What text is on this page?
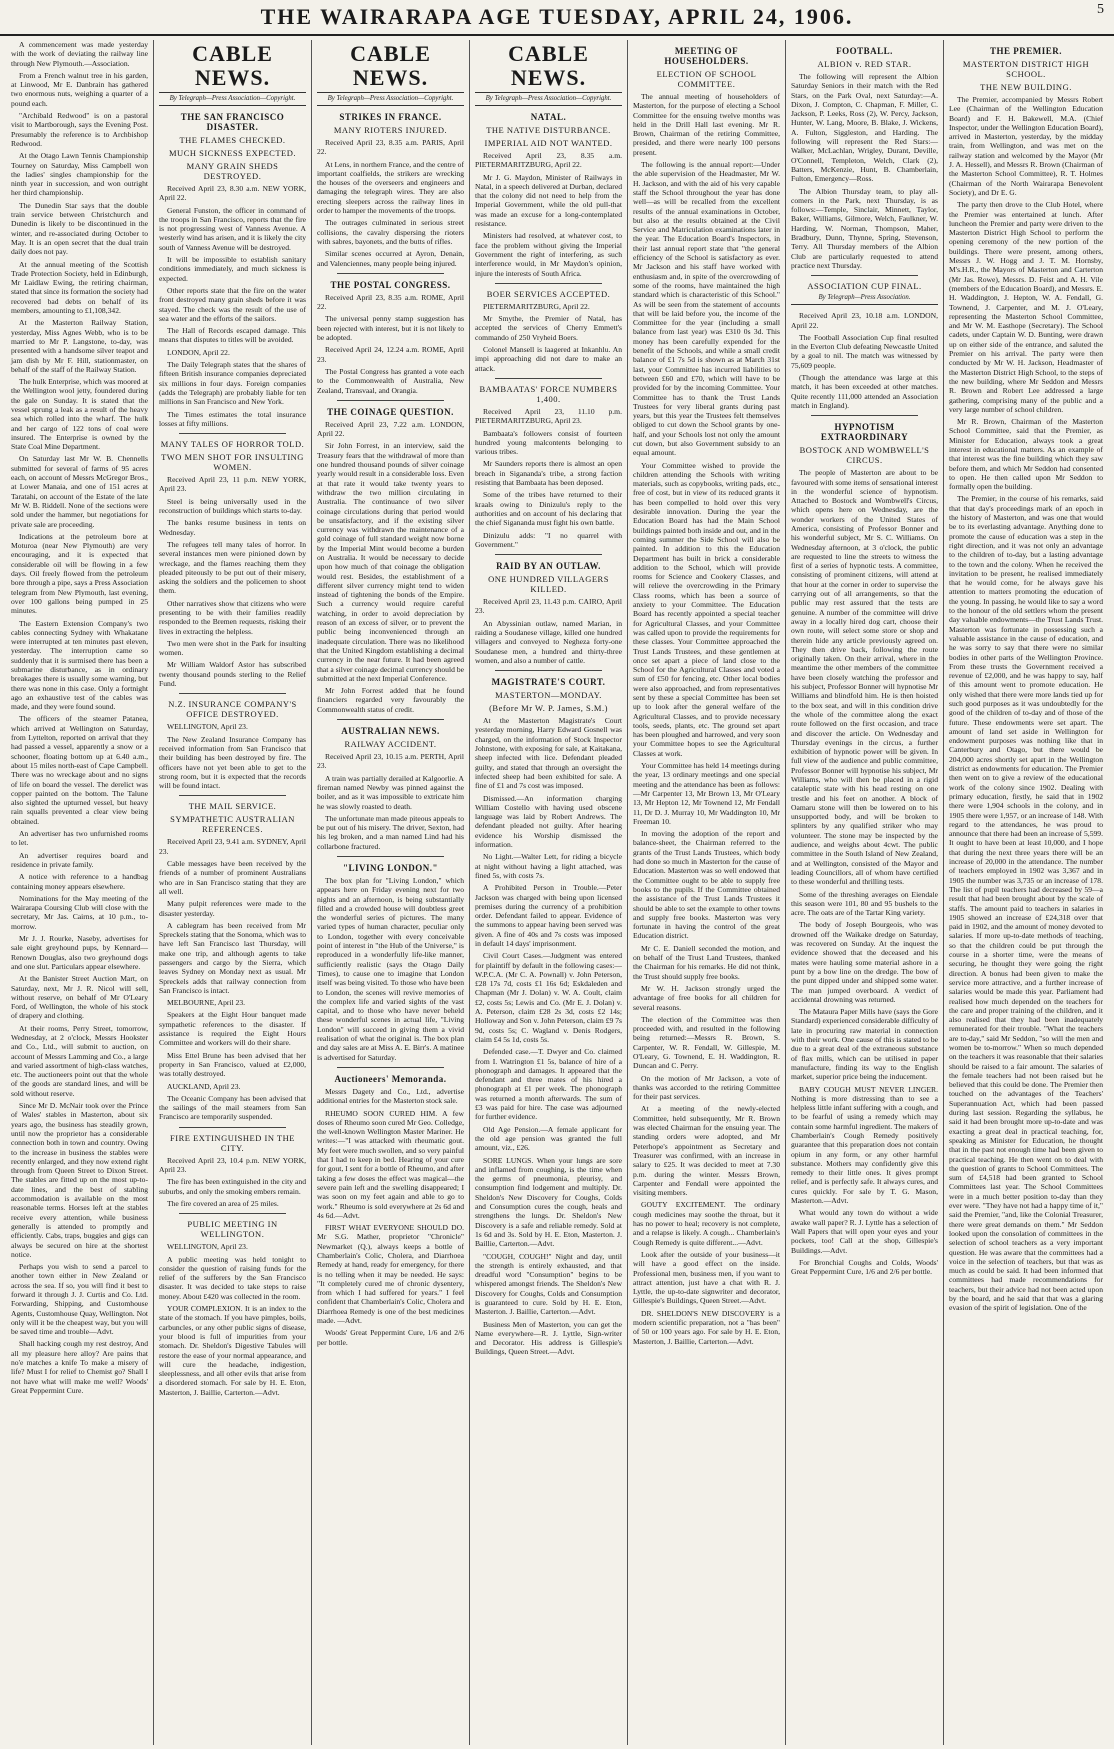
THE WAIRARAPA AGE TUESDAY, APRIL 24, 1906.	5

A commencement was made yesterday with the work of deviating the railway line through New Plymouth.—Association.

From a French walnut tree in his garden, at Linwood, Mr E. Danbrain has gathered two enormous nuts, weighing a quarter of a pound each.

"Archibald Redwood" is on a pastoral visit to Martborough, says the Evening Post. Presumably the reference is to Archbishop Redwood.

At the Otago Lawn Tennis Championship Tourney on Saturday, Miss Campbell won the ladies' singles championship for the ninth year in succession, and won outright her third championship.

The Dunedin Star says that the double train service between Christchurch and Dunedin is likely to be discontinued in the winter, and re-associated during October to May. It is an open secret that the dual train daily does not pay.

At the annual meeting of the Scottish Trade Protection Society, held in Edinburgh, Mr Laidlaw Ewing, the retiring chairman, stated that since its formation the society had recovered bad debts on behalf of its members, amounting to £1,108,342.

At the Masterton Railway Station, yesterday, Miss Agnes Webb, who is to be married to Mr P. Langstone, to-day, was presented with a handsome silver teapot and jam dish by Mr F. Hill, stationmaster, on behalf of the staff of the Railway Station.

The hulk Enterprise, which was moored at the Wellington wool jetty, foundered during the gale on Sunday. It is stated that the vessel sprung a leak as a result of the heavy sea which rolled into the wharf. The hulk and her cargo of 122 tons of coal were insured. The Enterprise is owned by the State Coal Mine Department.

On Saturday last Mr W. B. Chennells submitted for several of farms of 95 acres each, on account of Messrs McGregor Bros., at Lower Manaia, and one of 151 acres at Taratahi, on account of the Estate of the late Mr W. B. Riddell. None of the sections were sold under the hammer, but negotiations for private sale are proceeding.

Indications at the petroleum bore at Moturoa (near New Plymouth) are very encouraging, and it is expected that considerable oil will be flowing in a few days. Oil freely flowed from the petroleum bore through a pipe, says a Press Association telegram from New Plymouth, last evening, over 100 gallons being pumped in 25 minutes.

The Eastern Extension Company's two cables connecting Sydney with Whakatane were interrupted at ten minutes past eleven, yesterday. The interruption came so suddenly that it is surmised there has been a submarine disturbance, as in ordinary breakages there is usually some warning, but there was none in this case. Only a fortnight ago an exhaustive test of the cables was made, and they were found sound.

The officers of the steamer Patanea, which arrived at Wellington on Saturday, from Lyttelton, reported on arrival that they had passed a vessel, apparently a snow or a schooner, floating bottom up at 6.40 a.m., about 15 miles north-east of Cape Campbell. There was no wreckage about and no signs of life on board the vessel. The derelict was copper painted on the bottom. The Talune also sighted the upturned vessel, but heavy rain squalls prevented a clear view being obtained.

An advertiser has two unfurnished rooms to let.

An advertiser requires board and residence in private family.

A notice with reference to a handbag containing money appears elsewhere.

Nominations for the May meeting of the Wairarapa Coursing Club will close with the secretary, Mr Jas. Cairns, at 10 p.m., to-morrow.

Mr J. J. Rourke, Naseby, advertises for sale eight greyhound pups, by Kennard—Renown Douglas, also two greyhound dogs and one slut. Particulars appear elsewhere.

At the Banister Street Auction Mart, on Saturday, next, Mr J. R. Nicol will sell, without reserve, on behalf of Mr O'Leary Ford, of Wellington, the whole of his stock of drapery and clothing.

At their rooms, Perry Street, tomorrow, Wednesday, at 2 o'clock, Messrs Hookster and Co., Ltd., will submit to auction, on account of Messrs Lamming and Co., a large and varied assortment of high-class watches, etc. The auctioneers point out that the whole of the goods are standard lines, and will be sold without reserve.

Since Mr D. McNair took over the Prince of Wales' stables in Masterton, about six years ago, the business has steadily grown, until now the proprietor has a considerable connection both in town and country. Owing to the increase in business the stables were recently enlarged, and they now extend right through from Queen Street to Dixon Street. The stables are fitted up on the most up-to-date lines, and the best of stabling accommodation is available on the most reasonable terms. Horses left at the stables receive every attention, while business generally is attended to promptly and efficiently. Cabs, traps, buggies and gigs can always be secured on hire at the shortest notice.

Perhaps you wish to send a parcel to another town either in New Zealand or across the sea. If so, you will find it best to forward it through J. J. Curtis and Co. Ltd. Forwarding, Shipping, and Customhouse Agents, Customhouse Quay, Wellington. Not only will it be the cheapest way, but you will be saved time and trouble—Advt.

Shall hacking cough my rest destroy, And all my pleasure here alloy? Are pains that no'e matches a knife To make a misery of life? Must I for relief to Chemist go? Shall I not have what will make me well? Woods' Great Peppermint Cure.

CABLE NEWS.
By Telegraph—Press Association—Copyright.
THE SAN FRANCISCO DISASTER.
THE FLAMES CHECKED.
MUCH SICKNESS EXPECTED.
MANY GRAIN SHEDS DESTROYED.

Received April 23, 8.30 a.m. NEW YORK, April 22.

General Funston, the officer in command of the troops in San Francisco, reports that the fire is not progressing west of Vanness Avenue. A westerly wind has arisen, and it is likely the city south of Vanness Avenue will be destroyed.

It will be impossible to establish sanitary conditions immediately, and much sickness is expected.

Other reports state that the fire on the water front destroyed many grain sheds before it was stayed. The check was the result of the use of sea water and the efforts of the sailors.

The Hall of Records escaped damage. This means that disputes to titles will be avoided.

LONDON, April 22.

The Daily Telegraph states that the shares of fifteen British insurance companies depreciated six millions in four days. Foreign companies (adds the Telegraph) are probably liable for ten millions in San Francisco and New York.

The Times estimates the total insurance losses at fifty millions.

MANY TALES OF HORROR TOLD.
TWO MEN SHOT FOR INSULTING WOMEN.

Received April 23, 11 p.m. NEW YORK, April 23.

Steel is being universally used in the reconstruction of buildings which starts to-day.

The banks resume business in tents on Wednesday.

The refugees tell many tales of horror. In several instances men were pinioned down by wreckage, and the flames reaching them they pleaded piteously to be put out of their misery, asking the soldiers and the policemen to shoot them.

Other narratives show that citizens who were presenting to be with their families readily responded to the Bremen requests, risking their lives in extracting the helpless.

Two men were shot in the Park for insulting women.

Mr William Waldorf Astor has subscribed twenty thousand pounds sterling to the Relief Fund.

N.Z. INSURANCE COMPANY'S OFFICE DESTROYED.

WELLINGTON, April 23.

The New Zealand Insurance Company has received information from San Francisco that their building has been destroyed by fire. The officers have not yet been able to get to the strong room, but it is expected that the records will be found intact.

THE MAIL SERVICE.
SYMPATHETIC AUSTRALIAN REFERENCES.

Received April 23, 9.41 a.m. SYDNEY, April 23.

Cable messages have been received by the friends of a number of prominent Australians who are in San Francisco stating that they are all well.

Many pulpit references were made to the disaster yesterday.

A cablegram has been received from Mr Spreckels stating that the Sonoma, which was to have left San Francisco last Thursday, will make one trip, and although agents to take passengers and cargo by the Sierra, which leaves Sydney on Monday next as usual. Mr Spreckels adds that railway connection from San Francisco is intact.

MELBOURNE, April 23.

Speakers at the Eight Hour banquet made sympathetic references to the disaster. If assistance is required the Eight Hours Committee and workers will do their share.

Miss Ettel Brune has been advised that her property in San Francisco, valued at £2,000, was totally destroyed.

AUCKLAND, April 23.

The Oceanic Company has been advised that the sailings of the mail steamers from San Francisco are temporarily suspended.

FIRE EXTINGUISHED IN THE CITY.

Received April 23, 10.4 p.m. NEW YORK, April 23.

The fire has been extinguished in the city and suburbs, and only the smoking embers remain.

The fire covered an area of 25 miles.

PUBLIC MEETING IN WELLINGTON.

WELLINGTON, April 23.

A public meeting was held tonight to consider the question of raising funds for the relief of the sufferers by the San Francisco disaster. It was decided to take steps to raise money. About £420 was collected in the room.

YOUR COMPLEXION. It is an index to the state of the stomach. If you have pimples, boils, carbuncles, or any other public signs of disease, your blood is full of impurities from your stomach. Dr. Sheldon's Digestive Tabules will restore the ease of your normal appearance, and will cure the headache, indigestion, sleeplessness, and all other evils that arise from a disordered stomach. For sale by H. E. Eton, Masterton, J. Baillie, Carterton.—Advt.

CABLE NEWS.
By Telegraph—Press Association—Copyright.
STRIKES IN FRANCE.
MANY RIOTERS INJURED.

Received April 23, 8.35 a.m. PARIS, April 22.

At Lens, in northern France, and the centre of important coalfields, the strikers are wrecking the houses of the overseers and engineers and damaging the telegraph wires. They are also erecting sleepers across the railway lines in order to hamper the movements of the troops.

The outrages culminated in serious street collisions, the cavalry dispersing the rioters with sabres, bayonets, and the butts of rifles.

Similar scenes occurred at Ayron, Denain, and Valenciennes, many people being injured.

THE POSTAL CONGRESS.

Received April 23, 8.35 a.m. ROME, April 22.

The universal penny stamp suggestion has been rejected with interest, but it is not likely to be adopted.

Received April 24, 12.24 a.m. ROME, April 23.

The Postal Congress has granted a vote each to the Commonwealth of Australia, New Zealand, Transvaal, and Orangia.

THE COINAGE QUESTION.

Received April 23, 7.22 a.m. LONDON, April 22.

Sir John Forrest, in an interview, said the Treasury fears that the withdrawal of more than one hundred thousand pounds of silver coinage yearly would result in a considerable loss. Even at that rate it would take twenty years to withdraw the two million circulating in Australia. The continuance of two silver coinage circulations during that period would be unsatisfactory, and if the existing silver currency was withdrawn the maintenance of a gold coinage of full standard weight now borne by the Imperial Mint would become a burden on Australia. It would be necessary to decide upon how much of that coinage the obligation would rest. Besides, the establishment of a different silver currency might tend to widen instead of tightening the bonds of the Empire. Such a currency would require careful watching, in order to avoid depreciation by reason of an excess of silver, or to prevent the public being inconvenienced through an inadequate circulation. There was no likelihood that the United Kingdom establishing a decimal currency in the near future. It had been agreed that a silver coinage decimal currency should be submitted at the next Imperial Conference.

Mr John Forrest added that he found financiers regarded very favourably the Commonwealth status of credit.

AUSTRALIAN NEWS.
RAILWAY ACCIDENT.

Received April 23, 10.15 a.m. PERTH, April 23.

A train was partially derailed at Kalgoorlie. A fireman named Newby was pinned against the boiler, and as it was impossible to extricate him he was slowly roasted to death.

The unfortunate man made piteous appeals to be put out of his misery. The driver, Sexton, had his leg broken, and a man named Lind had his collarbone fractured.

"LIVING LONDON."

The box plan for "Living London," which appears here on Friday evening next for two nights and an afternoon, is being substantially filled and a crowded house will doubtless greet the wonderful series of pictures. The many varied types of human character, peculiar only to London, together with every conceivable point of interest in "the Hub of the Universe," is reproduced in a wonderfully life-like manner, sufficiently realistic (says the Otago Daily Times), to cause one to imagine that London itself was being visited. To those who have been to London, the scenes will revive memories of the complex life and varied sights of the vast capital, and to those who have never beheld these wonderful scenes in actual life, "Living London" will succeed in giving them a vivid realisation of what the original is. The box plan and day sales are at Miss A. E. Birr's. A matinee is advertised for Saturday.

Auctioneers' Memoranda.

Messrs Dagety and Co., Ltd., advertise additional entries for the Masterton stock sale.

RHEUMO SOON CURED HIM. A few doses of Rheumo soon cured Mr Geo. Colledge, the well-known Wellington Master Mariner. He writes:—"I was attacked with rheumatic gout. My feet were much swollen, and so very painful that I had to keep in bed. Hearing of your cure for gout, I sent for a bottle of Rheumo, and after taking a few doses the effect was magical—the severe pain left and the swelling disappeared; I was soon on my feet again and able to go to work." Rheumo is sold everywhere at 2s 6d and 4s 6d.—Advt.

FIRST WHAT EVERYONE SHOULD DO. Mr S.G. Mather, proprietor "Chronicle" Newmarket (Q.), always keeps a bottle of Chamberlain's Colic, Cholera, and Diarrhoea Remedy at hand, ready for emergency, for there is no telling when it may be needed. He says: "It completely cured me of chronic dysentery, from which I had suffered for years." I feel confident that Chamberlain's Colic, Cholera and Diarrhoea Remedy is one of the best medicines made. —Advt.

Woods' Great Peppermint Cure, 1/6 and 2/6 per bottle.

CABLE NEWS.
By Telegraph—Press Association—Copyright.
NATAL.
THE NATIVE DISTURBANCE.
IMPERIAL AID NOT WANTED.

Received April 23, 8.35 a.m. PIETERMARITZBURG, April 22.

Mr J. G. Maydon, Minister of Railways in Natal, in a speech delivered at Durban, declared that the colony did not need to help from the Imperial Government, while the old pull-that was made an excuse for a long-contemplated resistance.

Ministers had resolved, at whatever cost, to face the problem without giving the Imperial Government the right of interfering, as such interference would, in Mr Maydon's opinion, injure the interests of South Africa.

BOER SERVICES ACCEPTED.

PIETERMARITZBURG, April 22.

Mr Smythe, the Premier of Natal, has accepted the services of Cherry Emmett's commando of 250 Vryheid Boers.

Colonel Mansell is laagered at Inkanhlu. An impi approaching did not dare to make an attack.

BAMBAATAS' FORCE NUMBERS 1,400.

Received April 23, 11.10 p.m. PIETERMARITZBURG, April 23.

Bambaata's followers consist of fourteen hundred young malcontents belonging to various tribes.

Mr Saunders reports there is almost an open breach in Sigananda's tribe, a strong faction resisting that Bambaata has been deposed.

Some of the tribes have returned to their kraals owing to Dinizulu's reply to the authorities and on account of his declaring that the chief Sigananda must fight his own battle.

Dinizulu adds: "I no quarrel with Government."

RAID BY AN OUTLAW.
ONE HUNDRED VILLAGERS KILLED.

Received April 23, 11.43 p.m. CAIRO, April 23.

An Abyssinian outlaw, named Marian, in raiding a Soudanese village, killed one hundred villagers and conveyed to Negheza forty-one Soudanese men, a hundred and thirty-three women, and also a number of cattle.

MAGISTRATE'S COURT.
MASTERTON—MONDAY.
(Before Mr W. P. James, S.M.)

At the Masterton Magistrate's Court yesterday morning, Harry Edward Gosnell was charged, on the information of Stock Inspector Johnstone, with exposing for sale, at Kaitakana, sheep infected with lice. Defendant pleaded guilty, and stated that through an oversight the infected sheep had been exhibited for sale. A fine of £1 and 7s cost was imposed.

Dismissed.—An information charging William Costello with having used obscene language was laid by Robert Andrews. The defendant pleaded not guilty. After hearing evidence his Worship dismissed the information.

No Light.—Walter Lett, for riding a bicycle at night without having a light attached, was fined 5s, with costs 7s.

A Prohibited Person in Trouble.—Peter Jackson was charged with being upon licensed premises during the currency of a prohibition order. Defendant failed to appear. Evidence of the summons to appear having been served was given. A fine of 40s and 7s costs was imposed in default 14 days' imprisonment.

Civil Court Cases.—Judgment was entered for plaintiff by default in the following cases:—W.P.C.A. (Mr C. A. Pownall) v. John Peterson, £28 17s 7d, costs £1 16s 6d; Eskdaleden and Chapman (Mr J. Dolan) v. W. A. Coult, claim £2, costs 5s; Lewis and Co. (Mr E. J. Dolan) v. A. Peterson, claim £28 2s 3d, costs £2 14s; Holloway and Son v. John Peterson, claim £9 7s 9d, costs 5s; C. Wagland v. Denis Rodgers, claim £4 5s 1d, costs 5s.

Defended case.—T. Dwyer and Co. claimed from I. Watrington £1 5s, balance of hire of a phonograph and damages. It appeared that the defendant and three mates of his hired a phonograph at £1 per week. The phonograph was returned a month afterwards. The sum of £3 was paid for hire. The case was adjourned for further evidence.

Old Age Pension.—A female applicant for the old age pension was granted the full amount, viz., £26.

SORE LUNGS. When your lungs are sore and inflamed from coughing, is the time when the germs of pneumonia, pleurisy, and consumption find lodgement and multiply. Dr. Sheldon's New Discovery for Coughs, Colds and Consumption cures the cough, heals and strengthens the lungs. Dr. Sheldon's New Discovery is a safe and reliable remedy. Sold at 1s 6d and 3s. Sold by H. E. Eton, Masterton. J. Baillie, Carterton.—Advt.

"COUGH, COUGH!" Night and day, until the strength is entirely exhausted, and that dreadful word "Consumption" begins to be whispered amongst friends. The Sheldon's New Discovery for Coughs, Colds and Consumption is guaranteed to cure. Sold by H. E. Eton, Masterton. J. Baillie, Carterton.—Advt.

Business Men of Masterton, you can get the Name everywhere—R. J. Lyttle, Sign-writer and Decorator. His address is Gillespie's Buildings, Queen Street.—Advt.

MEETING OF HOUSEHOLDERS.
ELECTION OF SCHOOL COMMITTEE.

The annual meeting of householders of Masterton, for the purpose of electing a School Committee for the ensuing twelve months was held in the Drill Hall last evening. Mr R. Brown, Chairman of the retiring Committee, presided, and there were nearly 100 persons present.

The following is the annual report:—Under the able supervision of the Headmaster, Mr W. H. Jackson, and with the aid of his very capable staff the School throughout the year has done well—as will be recalled from the excellent results of the annual examinations in October, but also at the results obtained at the Civil Service and Matriculation examinations later in the year. The Education Board's Inspectors, in their last annual report state that "the general efficiency of the School is satisfactory as ever. Mr Jackson and his staff have worked with enthusiasm and, in spite of the overcrowding of some of the rooms, have maintained the high standard which is characteristic of this School." As will be seen from the statement of accounts that will be laid before you, the income of the Committee for the year (including a small balance from last year) was £310 0s 3d. This money has been carefully expended for the benefit of the Schools, and while a small credit balance of £1 7s 5d is shown as at March 31st last, your Committee has incurred liabilities to between £60 and £70, which will have to be provided for by the incoming Committee. Your Committee has to thank the Trust Lands Trustees for very liberal grants during past years, but this year the Trustees felt themselves obliged to cut down the School grants by one-half, and your Schools lost not only the amount cut down, but also Government subsidy to an equal amount.

Your Committee wished to provide the children attending the Schools with writing materials, such as copybooks, writing pads, etc., free of cost, but in view of its reduced grants it has been compelled to hold over this very desirable innovation. During the year the Education Board has had the Main School buildings painted both inside and out, and in the coming summer the Side School will also be painted. In addition to this the Education Department has built in brick a considerable addition to the School, which will provide rooms for Science and Cookery Classes, and will relieve the overcrowding in the Primary Class rooms, which has been a source of anxiety to your Committee. The Education Board has recently appointed a special teacher for Agricultural Classes, and your Committee was called upon to provide the requirements for these classes. Your Committee approached the Trust Lands Trustees, and these gentlemen at once set apart a piece of land close to the School for the Agricultural Classes and voted a sum of £50 for fencing, etc. Other local bodies were also approached, and from representatives sent by these a special Committee has been set up to look after the general welfare of the Agricultural Classes, and to provide necessary tools, seeds, plants, etc. The ground set apart has been ploughed and harrowed, and very soon your Committee hopes to see the Agricultural Classes at work.

Your Committee has held 14 meetings during the year, 13 ordinary meetings and one special meeting and the attendance has been as follows:—Mr Carpenter 13, Mr Brown 13, Mr O'Leary 13, Mr Hepton 12, Mr Townend 12, Mr Fendall 11, Dr D. J. Murray 10, Mr Waddington 10, Mr Freeman 10.

In moving the adoption of the report and balance-sheet, the Chairman referred to the grants of the Trust Lands Trustees, which body had done so much in Masterton for the cause of Education. Masterton was so well endowed that the Committee ought to be able to supply free books to the pupils. If the Committee obtained the assistance of the Trust Lands Trustees it should be able to set the example to other towns and supply free books. Masterton was very fortunate in having the control of the great Education district.

Mr C. E. Daniell seconded the motion, and on behalf of the Trust Land Trustees, thanked the Chairman for his remarks. He did not think, the Trust should supply free books.

Mr W. H. Jackson strongly urged the advantage of free books for all children for several reasons.

The election of the Committee was then proceeded with, and resulted in the following being returned:—Messrs R. Brown, S. Carpenter, W. R. Fendall, W. Gillespie, M. O'Leary, G. Townend, E. H. Waddington, R. Duncan and C. Perry.

On the motion of Mr Jackson, a vote of thanks was accorded to the retiring Committee for their past services.

At a meeting of the newly-elected Committee, held subsequently, Mr R. Brown was elected Chairman for the ensuing year. The standing orders were adopted, and Mr Peterhope's appointment as Secretary and Treasurer was confirmed, with an increase in salary to £25. It was decided to meet at 7.30 p.m. during the winter. Messrs Brown, Carpenter and Fendall were appointed the visiting members.

GOUTY EXCITEMENT. The ordinary cough medicines may soothe the throat, but it has no power to heal; recovery is not complete, and a relapse is likely. A cough... Chamberlain's Cough Remedy is quite different...—Advt.

Look after the outside of your business—it will have a good effect on the inside. Professional men, business men, if you want to attract attention, just have a chat with R. J. Lyttle, the up-to-date signwriter and decorator, Gillespie's Buildings, Queen Street.—Advt.

DR. SHELDON'S NEW DISCOVERY is a modern scientific preparation, not a "has been" of 50 or 100 years ago. For sale by H. E. Eton, Masterton, J. Baillie, Carterton.—Advt.

FOOTBALL.
ALBION v. RED STAR.

The following will represent the Albion Saturday Seniors in their match with the Red Stars, on the Park Oval, next Saturday:—A. Dixon, J. Compton, C. Chapman, F. Miller, C. Jackson, P. Leeks, Ross (2), W. Percy, Jackson, Hunter, W. Lang, Moore, B. Blake, J. Wickens, A. Fulton, Siggleston, and Harding. The following will represent the Red Stars:—Walker, McLachlan, Wrigley, Durant, Deville, O'Connell, Templeton, Welch, Clark (2), Batters, McKenzie, Hunt, B. Chamberlain, Fulton, Emergency—Ross.

The Albion Thursday team, to play all-comers in the Park, next Thursday, is as follows:—Temple, Sinclair, Minnett, Taylor, Baker, Williams, Gilmore, Welch, Faulkner, W. Harding, W. Norman, Thompson, Maher, Bradbury, Dunn, Thynne, Spring, Stevenson, Terry. All Thursday members of the Albion Club are particularly requested to attend practice next Thursday.

ASSOCIATION CUP FINAL.
By Telegraph—Press Association.

Received April 23, 10.18 a.m. LONDON, April 22.

The Football Association Cup final resulted in the Everton Club defeating Newcastle United by a goal to nil. The match was witnessed by 75,609 people.

(Though the attendance was large at this match, it has been exceeded at other matches. Quite recently 111,000 attended an Association match in England).

HYPNOTISM EXTRAORDINARY
BOSTOCK AND WOMBWELL'S CIRCUS.

The people of Masterton are about to be favoured with some items of sensational interest in the wonderful science of hypnotism. Attached to Bostock and Wombwell's Circus, which opens here on Wednesday, are the wonder workers of the United States of America, consisting of Professor Bonner and his wonderful subject, Mr S. C. Williams. On Wednesday afternoon, at 3 o'clock, the public are requested to line the streets to witness the first of a series of hypnotic tests. A committee, consisting of prominent citizens, will attend at that hour at the corner in order to supervise the carrying out of all arrangements, so that the public may rest assured that the tests are genuine. A number of the committee will drive away in a locally hired dog cart, choose their own route, will select some store or shop and therein hide any article previously agreed on. They then drive back, following the route originally taken. On their arrival, where in the meantime the other members of the committee have been closely watching the professor and his subject, Professor Bonner will hypnotise Mr Williams and blindfold him. He is then hoisted to the box seat, and will in this condition drive the whole of the committee along the exact route followed on the first occasion, and trace and discover the article. On Wednesday and Thursday evenings in the circus, a further exhibition of hypnotic power will be given. In full view of the audience and public committee, Professor Bonner will hypnotise his subject, Mr Williams, who will then be placed in a rigid cataleptic state with his head resting on one trestle and his feet on another. A block of Oamaru stone will then be lowered on to his unsupported body, and will be broken to splinters by any qualified striker who may volunteer. The stone may be inspected by the audience, and weighs about 4cwt. The public committee in the South Island of New Zealand, and at Wellington, consisted of the Mayor and leading Councillors, all of whom have certified to these wonderful and thrilling tests.

Some of the threshing averages on Eiendale this season were 101, 80 and 95 bushels to the acre. The oats are of the Tartar King variety.

The body of Joseph Bourgeois, who was drowned off the Waikake dredge on Saturday, was recovered on Sunday. At the inquest the evidence showed that the deceased and his mates were hauling some material ashore in a punt by a bow line on the dredge. The bow of the punt dipped under and shipped some water. The man jumped overboard. A verdict of accidental drowning was returned.

The Mataura Paper Mills have (says the Gore Standard) experienced considerable difficulty of late in procuring raw material in connection with their work. One cause of this is stated to be due to a great deal of the extraneous substance of flax mills, which can be utilised in paper manufacture, finding its way to the English market, superior price being the inducement.

BABY COUGH MUST NEVER LINGER. Nothing is more distressing than to see a helpless little infant suffering with a cough, and to be fearful of using a remedy which may contain some harmful ingredient. The makers of Chamberlain's Cough Remedy positively guarantee that this preparation does not contain opium in any form, or any other harmful substance. Mothers may confidently give this remedy to their little ones. It gives prompt relief, and is perfectly safe. It always cures, and cures quickly. For sale by T. G. Mason, Masterton.—Advt.

What would any town do without a wide awake wall paper? R. J. Lyttle has a selection of Wall Papers that will open your eyes and your pockets, too! Call at the shop, Gillespie's Buildings.—Advt.

For Bronchial Coughs and Colds, Woods' Great Peppermint Cure, 1/6 and 2/6 per bottle.

THE PREMIER.
MASTERTON DISTRICT HIGH SCHOOL.
THE NEW BUILDING.

The Premier, accompanied by Messrs Robert Lee (Chairman of the Wellington Education Board) and F. H. Bakewell, M.A. (Chief Inspector, under the Wellington Education Board), arrived in Masterton, yesterday, by the midday train, from Wellington, and was met on the railway station and welcomed by the Mayor (Mr J. A. Hessell), and Messrs R. Brown (Chairman of the Masterton School Committee), R. T. Holmes (Chairman of the North Wairarapa Benevolent Society), and Dr E. G.

The party then drove to the Club Hotel, where the Premier was entertained at lunch. After luncheon the Premier and party were driven to the Masterton District High School to perform the opening ceremony of the new portion of the buildings. There were present, among others, Messrs J. W. Hogg and J. T. M. Hornsby, M's.H.R., the Mayors of Masterton and Carterton (Mr Jas. Rowe), Messrs. D. Feist and A. H. Vile (members of the Education Board), and Messrs. E. H. Waddington, J. Hepton, W. A. Fendall, G. Townend, J. Carpenter, and M. J. O'Leary, representing the Masterton School Committee, and Mr W. M. Easthope (Secretary). The School cadets, under Captain W. D. Bunting, were drawn up on either side of the entrance, and saluted the Premier on his arrival. The party were then conducted by Mr W. H. Jackson, Headmaster of the Masterton District High School, to the steps of the new building, where Mr Seddon and Messrs R. Brown and Robert Lee addressed a large gathering, comprising many of the public and a very large number of school children.

Mr R. Brown, Chairman of the Masterton School Committee, said that the Premier, as Minister for Education, always took a great interest in educational matters. As an example of that interest was the fine building which they saw before them, and which Mr Seddon had consented to open. He then called upon Mr Seddon to formally open the building.

The Premier, in the course of his remarks, said that that day's proceedings mark of an epoch in the history of Masterton, and was one that would be to its everlasting advantage. Anything done to promote the cause of education was a step in the right direction, and it was not only an advantage to the children of to-day, but a lasting advantage to the town and the colony. When he received the invitation to be present, he realised immediately that he would come, for he always gave his attention to matters promoting the education of the young. In passing, he would like to say a word to the honour of the old settlers whom the present day valuable endowments—the Trust Lands Trust. Masterton was fortunate in possessing such a valuable assistance in the cause of education, and he was sorry to say that there were no similar bodies in other parts of the Wellington Province. From these trusts the Government received a revenue of £2,000, and he was happy to say, half of this amount went to promote education. He only wished that there were more lands tied up for such good purposes as it was undoubtedly for the good of the children of to-day and of those of the future. These endowments were set apart. The amount of land set aside in Wellington for endowment purposes was nothing like that in Canterbury and Otago, but there would be 204,000 acres shortly set apart in the Wellington district as endowments for education. The Premier then went on to give a review of the educational work of the colony since 1902. Dealing with primary education, firstly, he said that in 1902 there were 1,904 schools in the colony, and in 1905 there were 1,957, or an increase of 148. With regard to the attendances, he was proud to announce that there had been an increase of 5,599. It ought to have been at least 10,000, and I hope that during the next three years there will be an increase of 20,000 in the attendance. The number of teachers employed in 1902 was 3,367 and in 1905 the number was 3,735 or an increase of 178. The list of pupil teachers had decreased by 59—a result that had been brought about by the scale of staffs. The amount paid to teachers in salaries in 1905 showed an increase of £24,318 over that paid in 1902, and the amount of money devoted to salaries. If more up-to-date methods of teaching, so that the children could be put through the course in a shorter time, were the means of securing, he thought they were going the right direction. A bonus had been given to make the service more attractive, and a further increase of salaries would be made this year. Parliament had realised how much depended on the teachers for the care and proper training of the children, and it also realised that they had been inadequately remunerated for their trouble. "What the teachers are to-day," said Mr Seddon, "so will the men and women be to-morrow." When so much depended on the teachers it was reasonable that their salaries should be raised to a fair amount. The salaries of the female teachers had not been raised but he believed that this could be done. The Premier then touched on the advantages of the Teachers' Superannuation Act, which had been passed during last session. Regarding the syllabus, he said it had been brought more up-to-date and was exacting a great deal in practical teaching, for, speaking as Minister for Education, he thought that in the past not enough time had been given to practical teaching. He then went on to deal with the question of grants to School Committees. The sum of £4,518 had been granted to School Committees last year. The School Committees were in a much better position to-day than they ever were. "They have not had a happy time of it," said the Premier, "and, like the Colonial Treasurer, there were great demands on them." Mr Seddon looked upon the consolation of committees in the selection of school teachers as a very important question. He was aware that the committees had a voice in the selection of teachers, but that was as much as could be said. It had been informed that committees had made recommendations for teachers, but their advice had not been acted upon by the board, and he said that that was a glaring evasion of the spirit of legislation. One of the
